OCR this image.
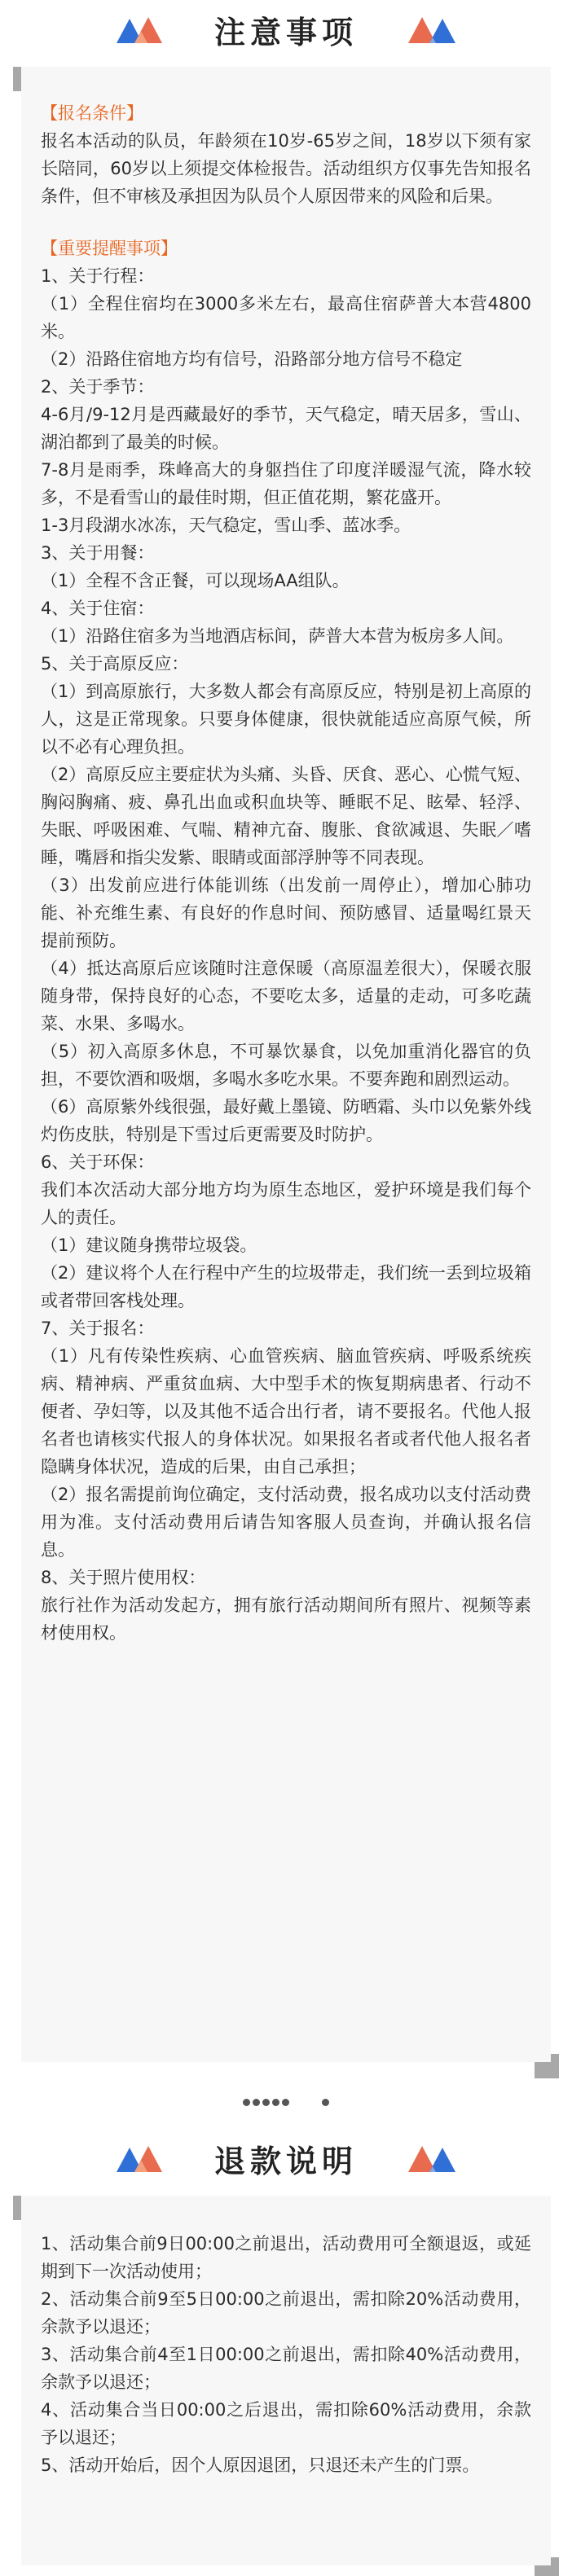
注意事项

【报名条件】

报名本活动的队员，年龄须在10岁-65岁之间，18岁以下须有家长陪同，60岁以上须提交体检报告。活动组织方仅事先告知报名条件，但不审核及承担因为队员个人原因带来的风险和后果。

【重要提醒事项】

1、关于行程：

（1）全程住宿均在3000多米左右，最高住宿萨普大本营4800米。

（2）沿路住宿地方均有信号，沿路部分地方信号不稳定

2、关于季节：

4-6月/9-12月是西藏最好的季节，天气稳定，晴天居多，雪山、湖泊都到了最美的时候。

7-8月是雨季，珠峰高大的身躯挡住了印度洋暖湿气流，降水较多，不是看雪山的最佳时期，但正值花期，繁花盛开。

1-3月段湖水冰冻，天气稳定，雪山季、蓝冰季。

3、关于用餐：

（1）全程不含正餐，可以现场AA组队。

4、关于住宿：

（1）沿路住宿多为当地酒店标间，萨普大本营为板房多人间。

5、关于高原反应：

（1）到高原旅行，大多数人都会有高原反应，特别是初上高原的人，这是正常现象。只要身体健康，很快就能适应高原气候，所以不必有心理负担。

（2）高原反应主要症状为头痛、头昏、厌食、恶心、心慌气短、胸闷胸痛、疲、鼻孔出血或积血块等、睡眠不足、眩晕、轻浮、失眠、呼吸困难、气喘、精神亢奋、腹胀、食欲减退、失眠／嗜睡，嘴唇和指尖发紫、眼睛或面部浮肿等不同表现。

（3）出发前应进行体能训练（出发前一周停止），增加心肺功能、补充维生素、有良好的作息时间、预防感冒、适量喝红景天提前预防。

（4）抵达高原后应该随时注意保暖（高原温差很大），保暖衣服随身带，保持良好的心态，不要吃太多，适量的走动，可多吃蔬菜、水果、多喝水。

（5）初入高原多休息，不可暴饮暴食，以免加重消化器官的负担，不要饮酒和吸烟，多喝水多吃水果。不要奔跑和剧烈运动。

（6）高原紫外线很强，最好戴上墨镜、防晒霜、头巾以免紫外线灼伤皮肤，特别是下雪过后更需要及时防护。

6、关于环保：

我们本次活动大部分地方均为原生态地区，爱护环境是我们每个人的责任。

（1）建议随身携带垃圾袋。

（2）建议将个人在行程中产生的垃圾带走，我们统一丢到垃圾箱或者带回客栈处理。

7、关于报名：

（1）凡有传染性疾病、心血管疾病、脑血管疾病、呼吸系统疾病、精神病、严重贫血病、大中型手术的恢复期病患者、行动不便者、孕妇等，以及其他不适合出行者，请不要报名。代他人报名者也请核实代报人的身体状况。如果报名者或者代他人报名者隐瞒身体状况，造成的后果，由自己承担；

（2）报名需提前询位确定，支付活动费，报名成功以支付活动费用为准。支付活动费用后请告知客服人员查询，并确认报名信息。

8、关于照片使用权：

旅行社作为活动发起方，拥有旅行活动期间所有照片、视频等素材使用权。

退款说明

1、活动集合前9日00:00之前退出，活动费用可全额退返，或延期到下一次活动使用；

2、活动集合前9至5日00:00之前退出，需扣除20%活动费用，余款予以退还；

3、活动集合前4至1日00:00之前退出，需扣除40%活动费用，余款予以退还；

4、活动集合当日00:00之后退出，需扣除60%活动费用，余款予以退还；

5、活动开始后，因个人原因退团，只退还未产生的门票。
